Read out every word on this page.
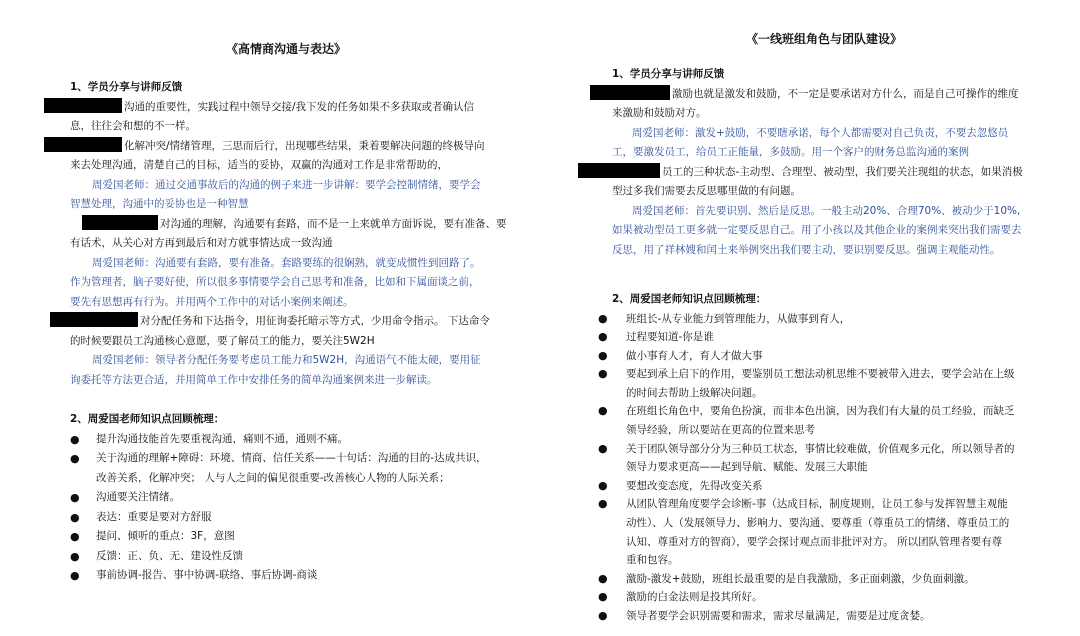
《高情商沟通与表达》

1、学员分享与讲师反馈

沟通的重要性，实践过程中领导交接/我下发的任务如果不多获取或者确认信

息，往往会和想的不一样。

化解冲突/情绪管理，三思而后行，出现哪些结果，秉着要解决问题的终极导向

来去处理沟通，清楚自己的目标，适当的妥协，双赢的沟通对工作是非常帮助的，

周爱国老师：通过交通事故后的沟通的例子来进一步讲解：要学会控制情绪，要学会

智慧处理，沟通中的妥协也是一种智慧

对沟通的理解，沟通要有套路，而不是一上来就单方面诉说，要有准备、要

有话术，从关心对方再到最后和对方就事情达成一致沟通

周爱国老师：沟通要有套路，要有准备。套路要练的很娴熟，就变成惯性到回路了。

作为管理者，脑子要好使，所以很多事情要学会自己思考和准备，比如和下属面谈之前，

要先有思想再有行为。并用两个工作中的对话小案例来阐述。

对分配任务和下达指令，用征询委托暗示等方式，少用命令指示。 下达命令

的时候要跟员工沟通核心意愿，要了解员工的能力，要关注5W2H

周爱国老师：领导者分配任务要考虑员工能力和5W2H，沟通语气不能太硬，要用征

询委托等方法更合适，并用简单工作中安排任务的简单沟通案例来进一步解读。

2、周爱国老师知识点回顾梳理：

● 提升沟通技能首先要重视沟通，痛则不通，通则不痛。
● 关于沟通的理解+障碍：环境、情商、信任关系——十句话：沟通的目的-达成共识，
改善关系，化解冲突； 人与人之间的偏见很重要-改善核心人物的人际关系；
● 沟通要关注情绪。
● 表达：重要是要对方舒服
● 提问、倾听的重点：3F，意图
● 反馈：正、负、无、建设性反馈
● 事前协调-报告、事中协调-联络、事后协调-商谈
《一线班组角色与团队建设》

1、学员分享与讲师反馈

激励也就是激发和鼓励，不一定是要承诺对方什么，而是自己可操作的维度

来激励和鼓励对方。

周爱国老师：激发+鼓励，不要瞎承诺，每个人都需要对自己负责，不要去忽悠员

工，要激发员工，给员工正能量，多鼓励。用一个客户的财务总监沟通的案例

员工的三种状态-主动型、合理型、被动型，我们要关注现组的状态，如果消极

型过多我们需要去反思哪里做的有问题。

周爱国老师：首先要识别、然后是反思。一般主动20%、合理70%、被动少于10%,

如果被动型员工更多就一定要反思自己。用了小孩以及其他企业的案例来突出我们需要去

反思，用了祥林嫂和闰土来举例突出我们要主动，要识别要反思。强调主观能动性。

2、周爱国老师知识点回顾梳理：

● 班组长-从专业能力到管理能力，从做事到育人，
● 过程要知道-你是谁
● 做小事育人才，育人才做大事
● 要起到承上启下的作用，要鉴别员工想法动机思维不要被带入进去，要学会站在上级
的时间去帮助上级解决问题。
● 在班组长角色中，要角色扮演，而非本色出演，因为我们有大量的员工经验，而缺乏
领导经验，所以要站在更高的位置来思考
● 关于团队领导部分分为三种员工状态，事情比较难做，价值观多元化，所以领导者的
领导力要求更高——起到导航、赋能、发展三大职能
● 要想改变态度，先得改变关系
● 从团队管理角度要学会诊断-事（达成目标，制度规则，让员工参与发挥智慧主观能
动性）、人（发展领导力、影响力、要沟通、要尊重（尊重员工的情绪、尊重员工的
认知、尊重对方的智商），要学会探讨观点而非批评对方。 所以团队管理者要有尊
重和包容。
● 激励-激发+鼓励，班组长最重要的是自我激励，多正面刺激，少负面刺激。
● 激励的白金法则是投其所好。
● 领导者要学会识别需要和需求，需求尽量满足，需要是过度贪婪。
